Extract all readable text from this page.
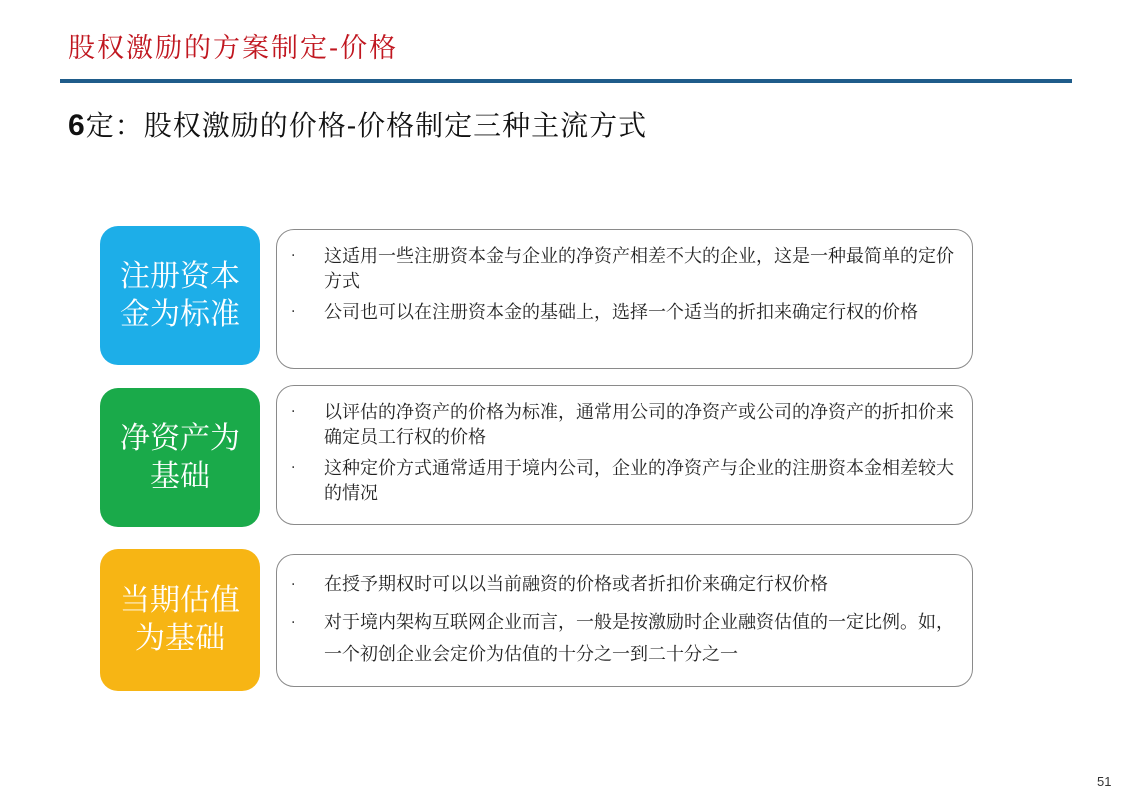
股权激励的方案制定-价格
6定：股权激励的价格-价格制定三种主流方式
注册资本金为标准
·	这适用一些注册资本金与企业的净资产相差不大的企业，这是一种最简单的定价方式
·	公司也可以在注册资本金的基础上，选择一个适当的折扣来确定行权的价格
净资产为基础
·	以评估的净资产的价格为标准，通常用公司的净资产或公司的净资产的折扣价来确定员工行权的价格
·	这种定价方式通常适用于境内公司，企业的净资产与企业的注册资本金相差较大的情况
当期估值为基础
·	在授予期权时可以以当前融资的价格或者折扣价来确定行权价格
·	对于境内架构互联网企业而言，一般是按激励时企业融资估值的一定比例。如，一个初创企业会定价为估值的十分之一到二十分之一
51
